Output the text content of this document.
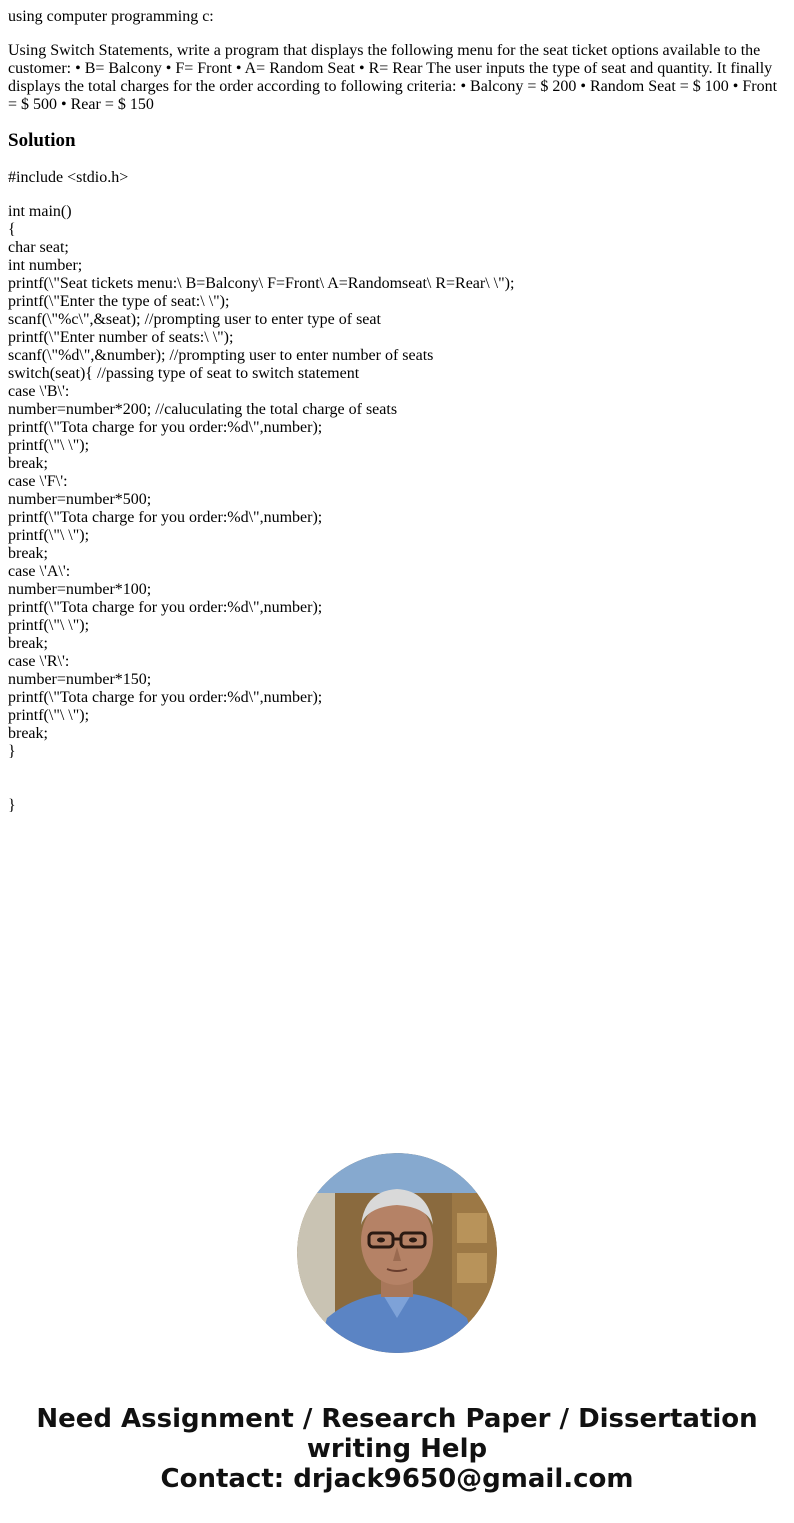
using computer programming c:

Using Switch Statements, write a program that displays the following menu for the seat ticket options available to the customer: • B= Balcony • F= Front • A= Random Seat • R= Rear The user inputs the type of seat and quantity. It finally displays the total charges for the order according to following criteria: • Balcony = $ 200 • Random Seat = $ 100 • Front = $ 500 • Rear = $ 150

Solution

#include <stdio.h>

int main()
{
char seat;
int number;
printf(\"Seat tickets menu:\ B=Balcony\ F=Front\ A=Randomseat\ R=Rear\ \");
printf(\"Enter the type of seat:\ \");
scanf(\"%c\",&seat); //prompting user to enter type of seat
printf(\"Enter number of seats:\ \");
scanf(\"%d\",&number); //prompting user to enter number of seats
switch(seat){ //passing type of seat to switch statement
case \'B\':
number=number*200; //caluculating the total charge of seats
printf(\"Tota charge for you order:%d\",number);
printf(\"\ \");
break;
case \'F\':
number=number*500;
printf(\"Tota charge for you order:%d\",number);
printf(\"\ \");
break;
case \'A\':
number=number*100;
printf(\"Tota charge for you order:%d\",number);
printf(\"\ \");
break;
case \'R\':
number=number*150;
printf(\"Tota charge for you order:%d\",number);
printf(\"\ \");
break;
}
}
Need Assignment / Research Paper / Dissertation
writing Help
Contact: drjack9650@gmail.com
